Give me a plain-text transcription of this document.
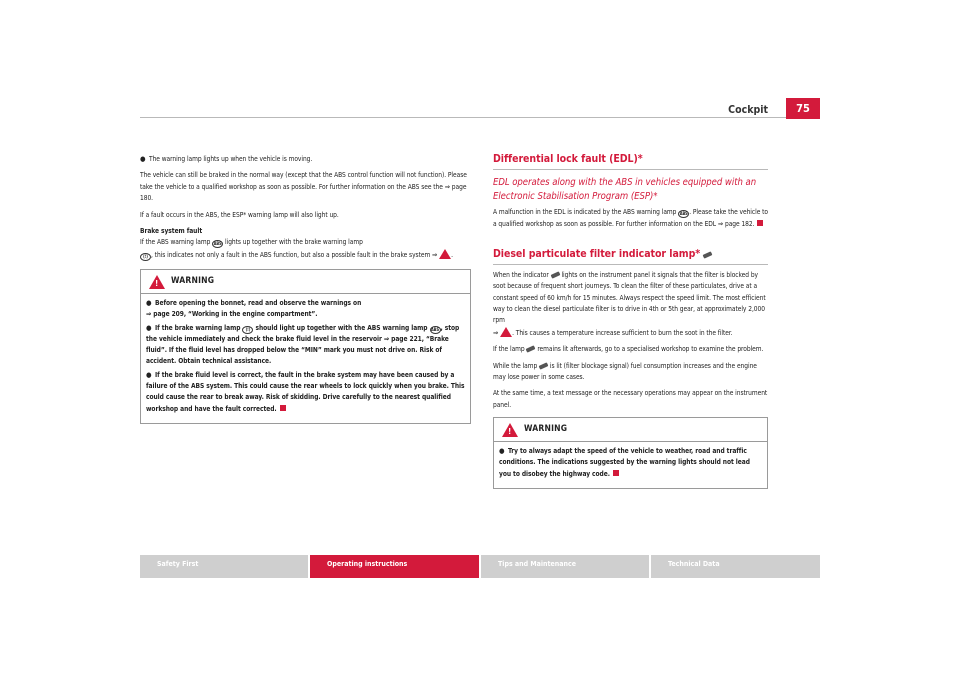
Cockpit	75

● The warning lamp lights up when the vehicle is moving.

The vehicle can still be braked in the normal way (except that the ABS control function will not function). Please take the vehicle to a qualified workshop as soon as possible. For further information on the ABS see the ⇒ page 180.

If a fault occurs in the ABS, the ESP* warning lamp will also light up.

Brake system fault

If the ABS warning lamp ABS lights up together with the brake warning lamp
(!) , this indicates not only a fault in the ABS function, but also a possible fault in the brake system ⇒ .

!
WARNING

● Before opening the bonnet, read and observe the warnings on
⇒ page 209, “Working in the engine compartment”.

● If the brake warning lamp (!) should light up together with the ABS warning lamp ABS , stop the vehicle immediately and check the brake fluid level in the reservoir ⇒ page 221, “Brake fluid”. If the fluid level has dropped below the “MIN” mark you must not drive on. Risk of accident. Obtain technical assistance.

● If the brake fluid level is correct, the fault in the brake system may have been caused by a failure of the ABS system. This could cause the rear wheels to lock quickly when you brake. This could cause the rear to break away. Risk of skidding. Drive carefully to the nearest qualified workshop and have the fault corrected.

Differential lock fault (EDL)*
EDL operates along with the ABS in vehicles equipped with an Electronic Stabilisation Program (ESP)*

A malfunction in the EDL is indicated by the ABS warning lamp ABS . Please take the vehicle to a qualified workshop as soon as possible. For further information on the EDL ⇒ page 182.

Diesel particulate filter indicator lamp*

When the indicator lights on the instrument panel it signals that the filter is blocked by soot because of frequent short journeys. To clean the filter of these particulates, drive at a constant speed of 60 km/h for 15 minutes. Always respect the speed limit. The most efficient way to clean the diesel particulate filter is to drive in 4th or 5th gear, at approximately 2,000 rpm
⇒ . This causes a temperature increase sufficient to burn the soot in the filter.

If the lamp remains lit afterwards, go to a specialised workshop to examine the problem.

While the lamp is lit (filter blockage signal) fuel consumption increases and the engine may lose power in some cases.

At the same time, a text message or the necessary operations may appear on the instrument panel.

!
WARNING

● Try to always adapt the speed of the vehicle to weather, road and traffic conditions. The indications suggested by the warning lights should not lead you to disobey the highway code.

Safety First	Operating instructions	Tips and Maintenance	Technical Data
